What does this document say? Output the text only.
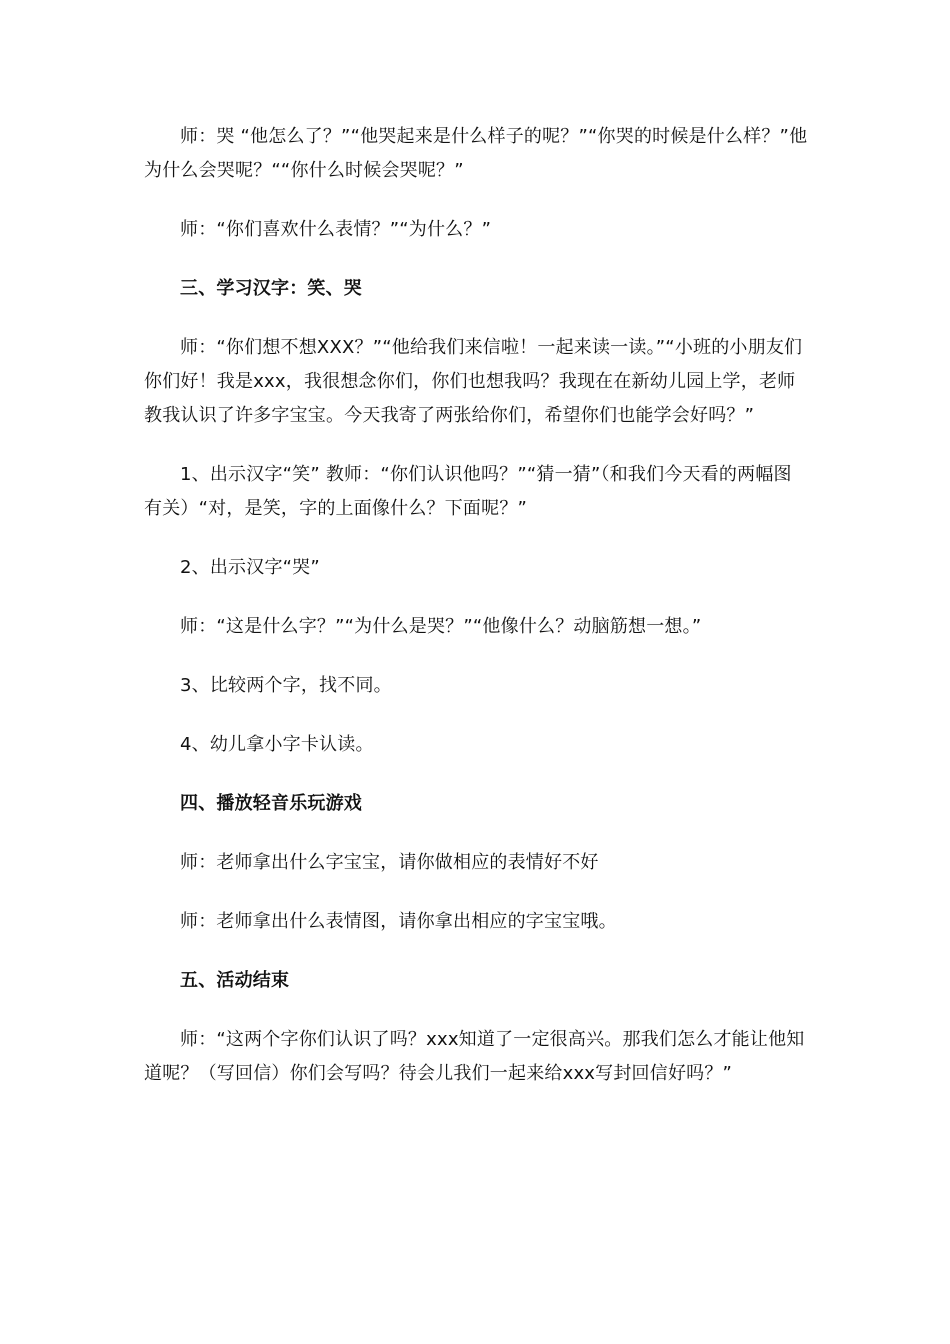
师：哭 “他怎么了？”“他哭起来是什么样子的呢？”“你哭的时候是什么样？”他为什么会哭呢？““你什么时候会哭呢？”

师：“你们喜欢什么表情？”“为什么？”

三、学习汉字：笑、哭

师：“你们想不想XXX？”“他给我们来信啦！一起来读一读。”“小班的小朋友们你们好！我是xxx，我很想念你们，你们也想我吗？我现在在新幼儿园上学，老师教我认识了许多字宝宝。今天我寄了两张给你们，希望你们也能学会好吗？”

1、出示汉字“笑” 教师：“你们认识他吗？”“猜一猜”（和我们今天看的两幅图有关）“对，是笑，字的上面像什么？下面呢？”

2、出示汉字“哭”

师：“这是什么字？”“为什么是哭？”“他像什么？动脑筋想一想。”

3、比较两个字，找不同。

4、幼儿拿小字卡认读。

四、播放轻音乐玩游戏

师：老师拿出什么字宝宝，请你做相应的表情好不好

师：老师拿出什么表情图，请你拿出相应的字宝宝哦。

五、活动结束

师：“这两个字你们认识了吗？xxx知道了一定很高兴。那我们怎么才能让他知道呢？（写回信）你们会写吗？待会儿我们一起来给xxx写封回信好吗？”
